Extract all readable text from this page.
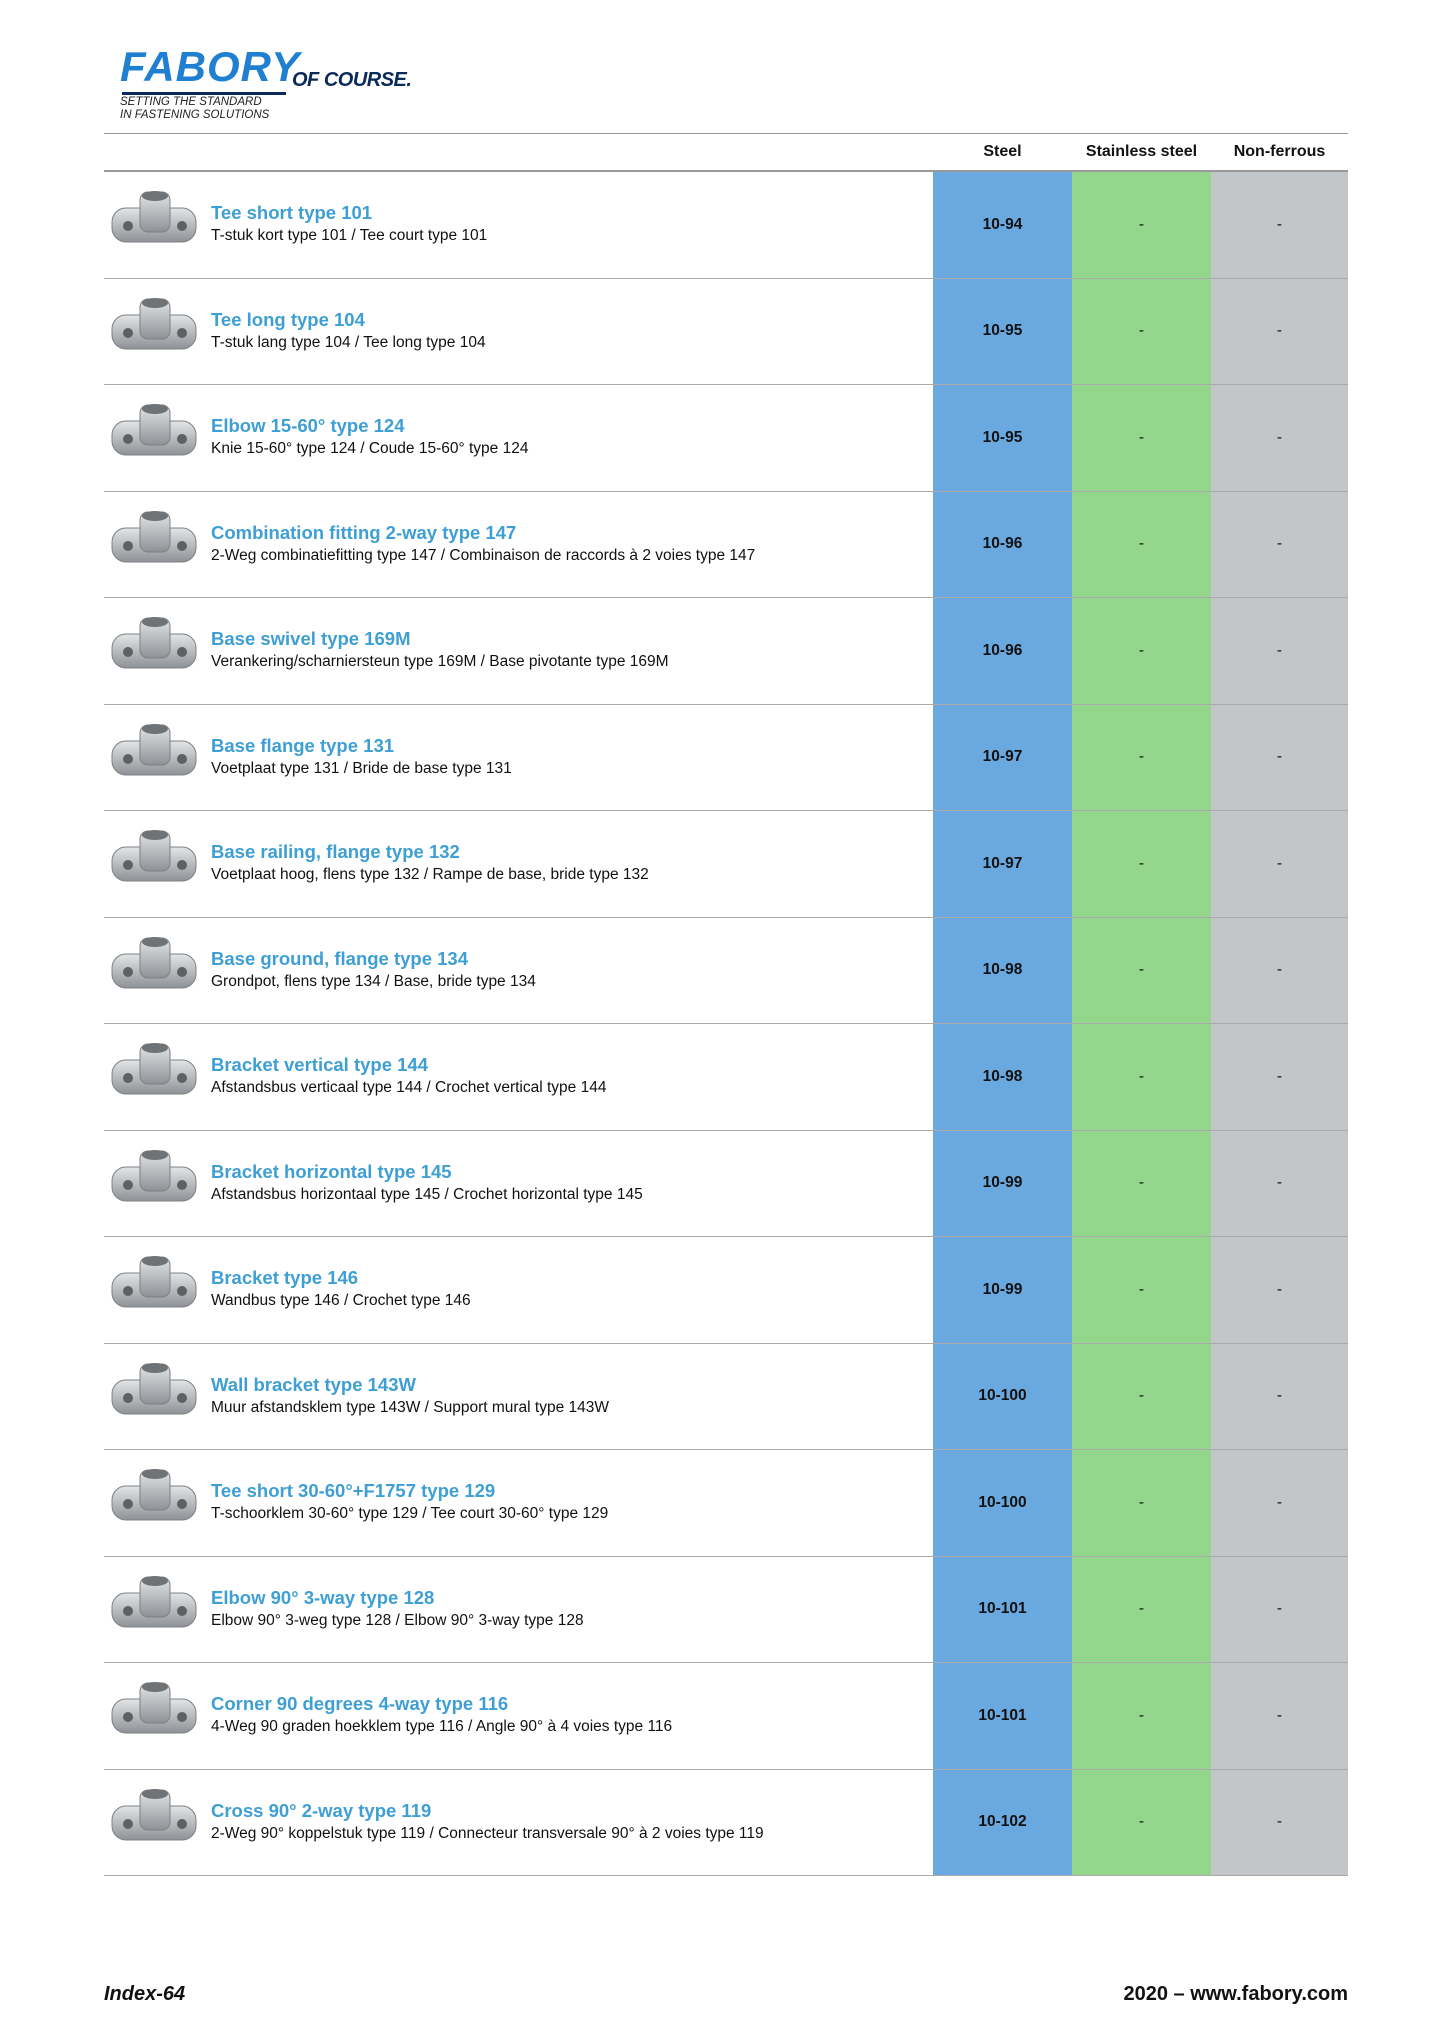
FABORY
OF COURSE.
SETTING THE STANDARD
IN FASTENING SOLUTIONS
Steel	Stainless steel	Non-ferrous
Tee short type 101
T-stuk kort type 101 / Tee court type 101
10-94	-	-
Tee long type 104
T-stuk lang type 104 / Tee long type 104
10-95	-	-
Elbow 15-60° type 124
Knie 15-60° type 124 / Coude 15-60° type 124
10-95	-	-
Combination fitting 2-way type 147
2-Weg combinatiefitting type 147 / Combinaison de raccords à 2 voies type 147
10-96	-	-
Base swivel type 169M
Verankering/scharniersteun type 169M / Base pivotante type 169M
10-96	-	-
Base flange type 131
Voetplaat type 131 / Bride de base type 131
10-97	-	-
Base railing, flange type 132
Voetplaat hoog, flens type 132 / Rampe de base, bride type 132
10-97	-	-
Base ground, flange type 134
Grondpot, flens type 134 / Base, bride type 134
10-98	-	-
Bracket vertical type 144
Afstandsbus verticaal type 144 / Crochet vertical type 144
10-98	-	-
Bracket horizontal type 145
Afstandsbus horizontaal type 145 / Crochet horizontal type 145
10-99	-	-
Bracket type 146
Wandbus type 146 / Crochet type 146
10-99	-	-
Wall bracket type 143W
Muur afstandsklem type 143W / Support mural type 143W
10-100	-	-
Tee short 30-60°+F1757 type 129
T-schoorklem 30-60° type 129 / Tee court 30-60° type 129
10-100	-	-
Elbow 90° 3-way type 128
Elbow 90° 3-weg type 128 / Elbow 90° 3-way type 128
10-101	-	-
Corner 90 degrees 4-way type 116
4-Weg 90 graden hoekklem type 116 / Angle 90° à 4 voies type 116
10-101	-	-
Cross 90° 2-way type 119
2-Weg 90° koppelstuk type 119 / Connecteur transversale 90° à 2 voies type 119
10-102	-	-
Index-64	2020 – www.fabory.com
